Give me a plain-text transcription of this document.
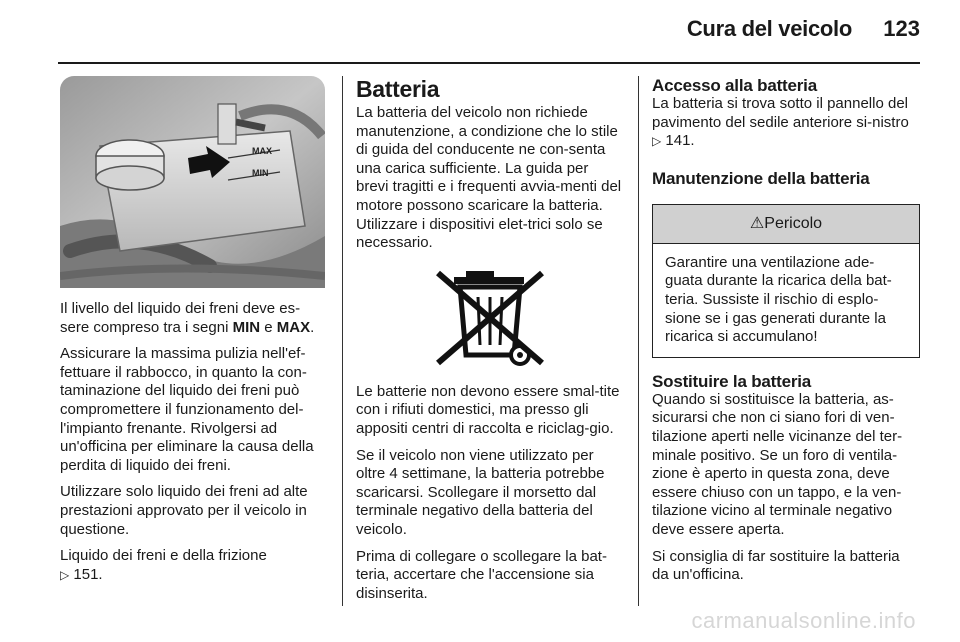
Cura del veicolo 123
MAX
MIN

Il livello del liquido dei freni deve es-sere compreso tra i segni MIN e MAX.

Assicurare la massima pulizia nell'ef-fettuare il rabbocco, in quanto la con-taminazione del liquido dei freni può compromettere il funzionamento del-l'impianto frenante. Rivolgersi ad un'officina per eliminare la causa della perdita di liquido dei freni.

Utilizzare solo liquido dei freni ad alte prestazioni approvato per il veicolo in questione.

Liquido dei freni e della frizione
▷ 151.

Batteria

La batteria del veicolo non richiede manutenzione, a condizione che lo stile di guida del conducente ne con-senta una carica sufficiente. La guida per brevi tragitti e i frequenti avvia-menti del motore possono scaricare la batteria. Utilizzare i dispositivi elet-trici solo se necessario.

Le batterie non devono essere smal-tite con i rifiuti domestici, ma presso gli appositi centri di raccolta e riciclag-gio.

Se il veicolo non viene utilizzato per oltre 4 settimane, la batteria potrebbe scaricarsi. Scollegare il morsetto dal terminale negativo della batteria del veicolo.

Prima di collegare o scollegare la bat-teria, accertare che l'accensione sia disinserita.

Accesso alla batteria

La batteria si trova sotto il pannello del pavimento del sedile anteriore si-nistro ▷ 141.

Manutenzione della batteria
⚠Pericolo
Garantire una ventilazione ade-guata durante la ricarica della bat-teria. Sussiste il rischio di esplo-sione se i gas generati durante la ricarica si accumulano!
Sostituire la batteria

Quando si sostituisce la batteria, as-sicurarsi che non ci siano fori di ven-tilazione aperti nelle vicinanze del ter-minale positivo. Se un foro di ventila-zione è aperto in questa zona, deve essere chiuso con un tappo, e la ven-tilazione vicino al terminale negativo deve essere aperta.

Si consiglia di far sostituire la batteria da un'officina.

carmanualsonline.info
